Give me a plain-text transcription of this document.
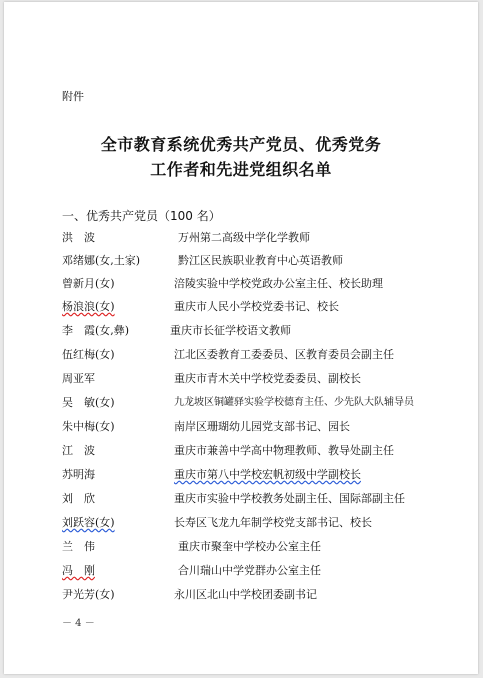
附件
全市教育系统优秀共产党员、优秀党务
工作者和先进党组织名单
一、优秀共产党员（100 名）
洪　波	万州第二高级中学化学教师
邓绪娜(女,土家)	黔江区民族职业教育中心英语教师
曾新月(女)	涪陵实验中学校党政办公室主任、校长助理
杨浪浪(女)	重庆市人民小学校党委书记、校长
李　霞(女,彝)	重庆市长征学校语文教师
伍红梅(女)	江北区委教育工委委员、区教育委员会副主任
周亚军	重庆市青木关中学校党委委员、副校长
吴　敏(女)	九龙坡区铜罐驿实验学校德育主任、少先队大队辅导员
朱中梅(女)	南岸区珊瑚幼儿园党支部书记、园长
江　波	重庆市兼善中学高中物理教师、教导处副主任
苏明海	重庆市第八中学校宏帆初级中学副校长
刘　欣	重庆市实验中学校教务处副主任、国际部副主任
刘跃容(女)	长寿区飞龙九年制学校党支部书记、校长
兰　伟	重庆市聚奎中学校办公室主任
冯　刚	合川瑞山中学党群办公室主任
尹光芳(女)	永川区北山中学校团委副书记
－ 4 －
